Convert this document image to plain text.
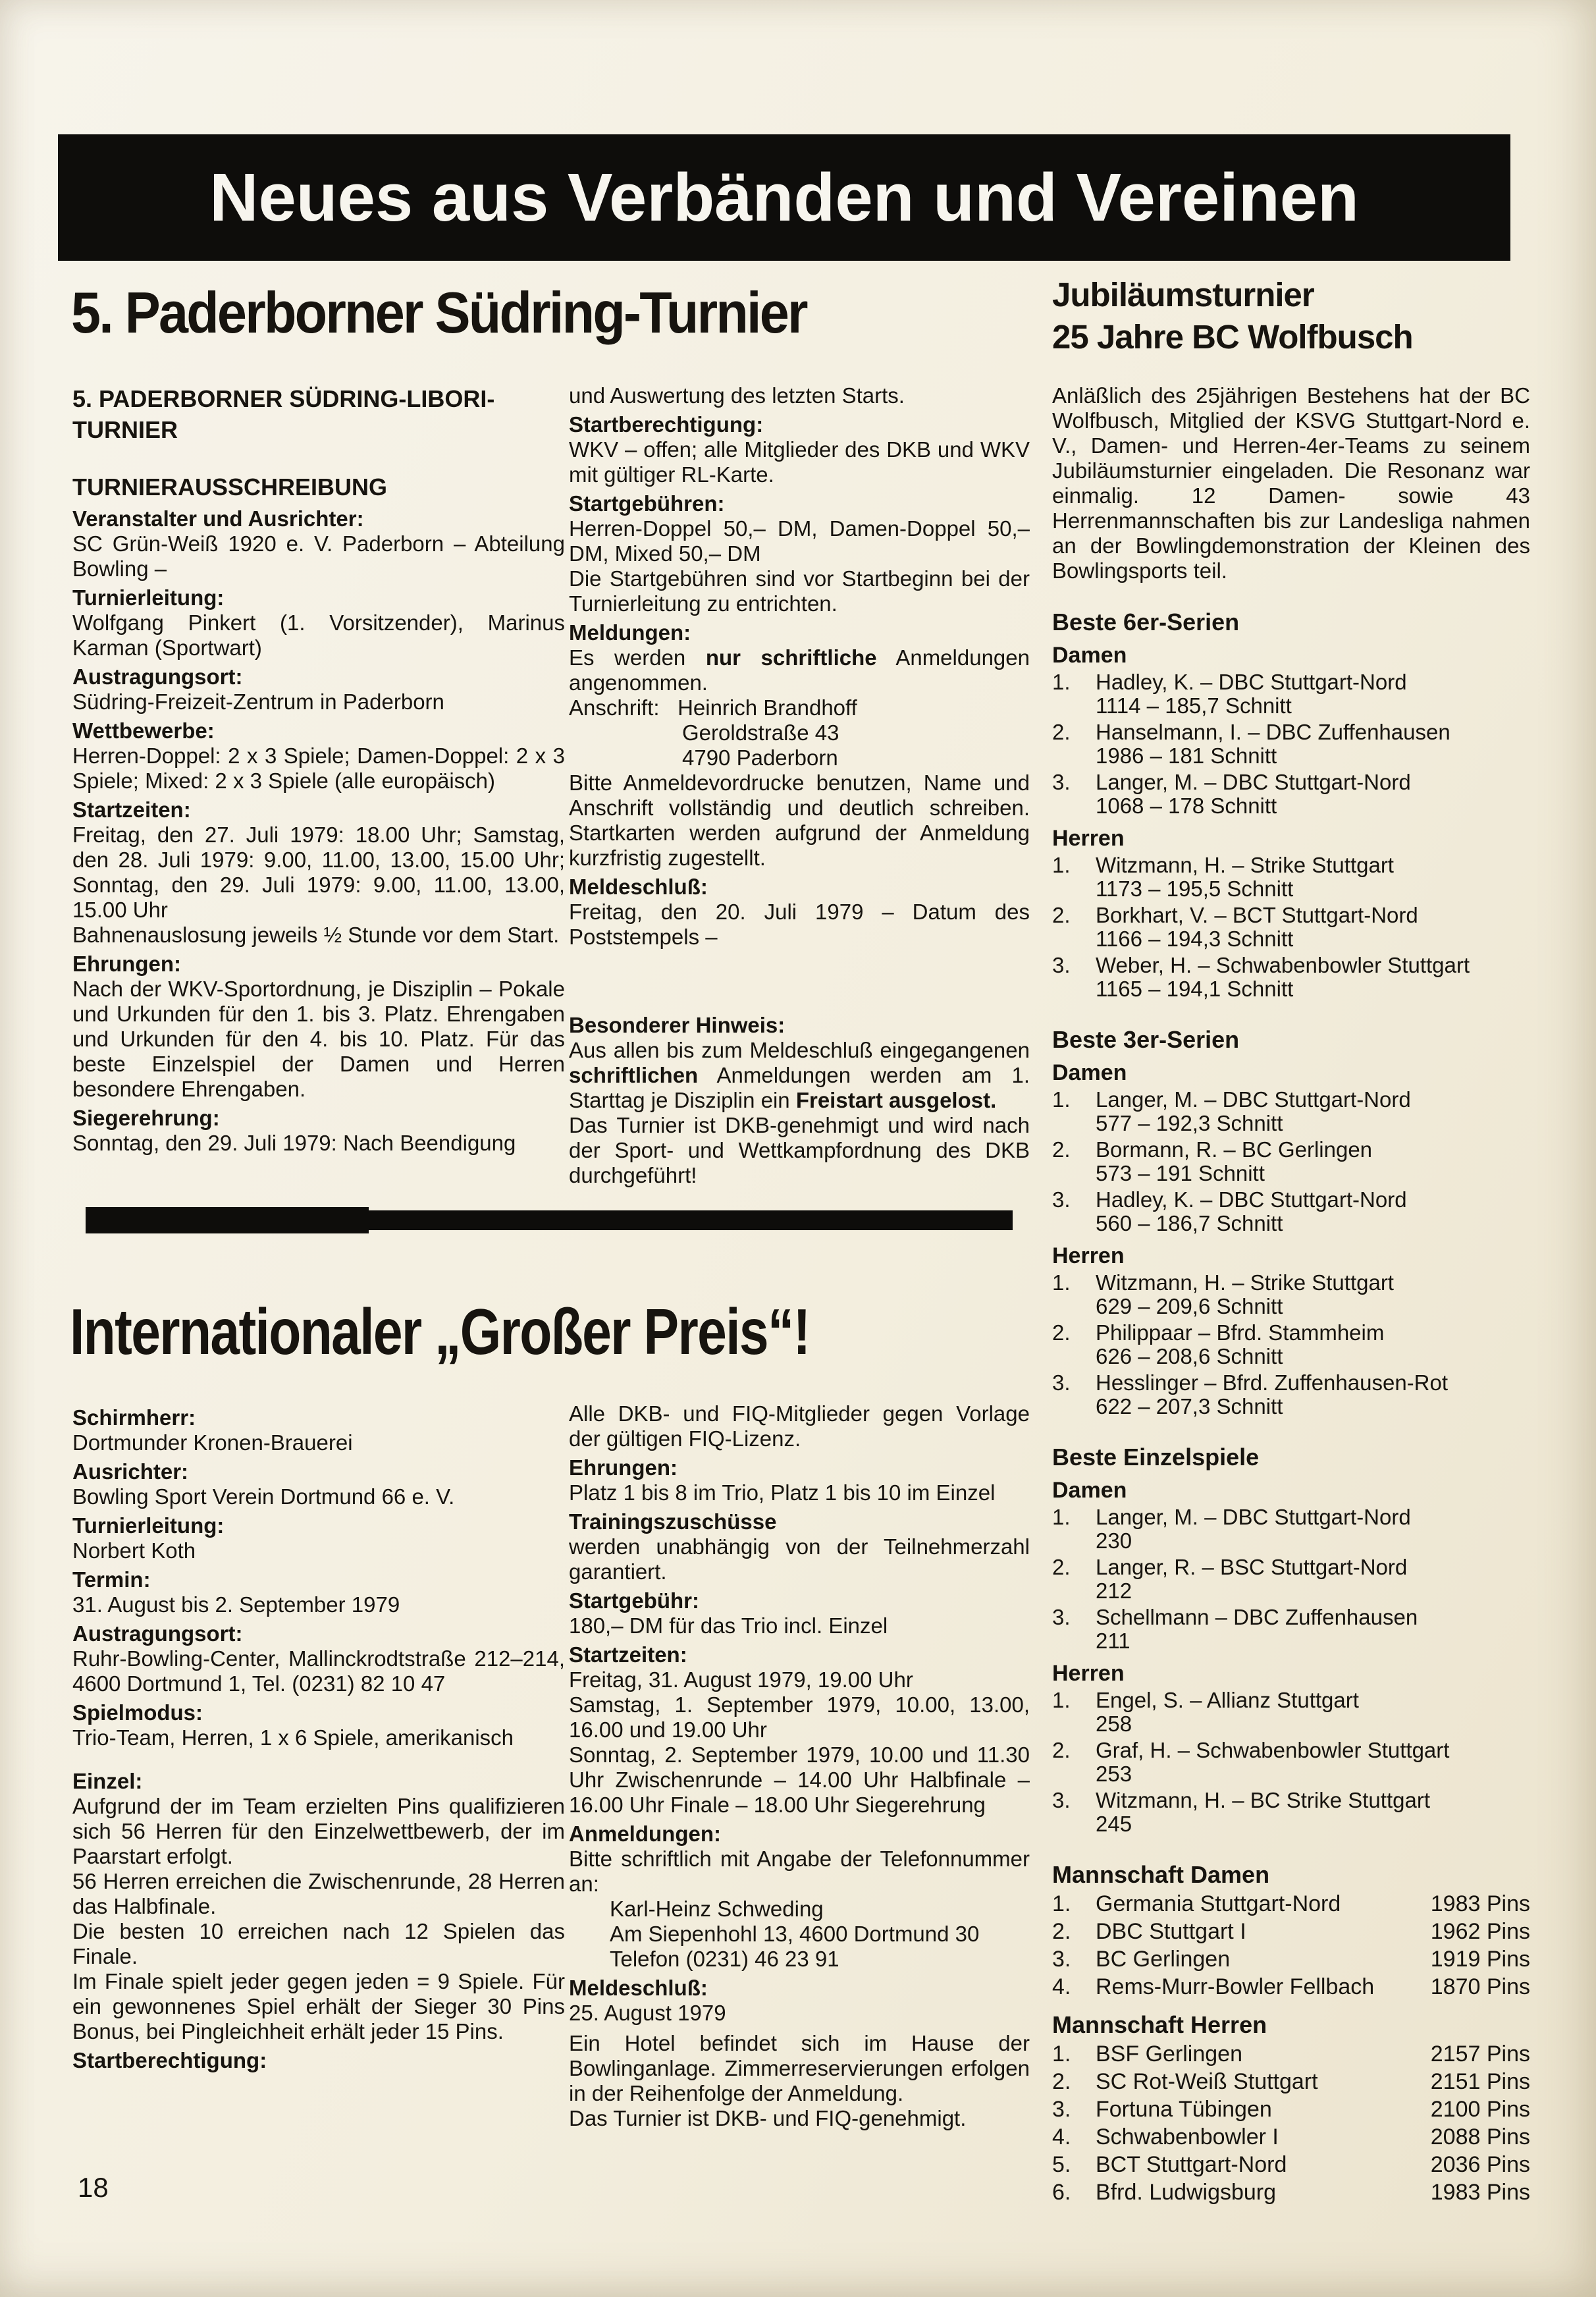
Neues aus Verbänden und Vereinen
5. Paderborner Südring-Turnier	Jubiläumsturnier
25 Jahre BC Wolfbusch
5. PADERBORNER SÜDRING-LIBORI-TURNIER
TURNIERAUSSCHREIBUNG

Veranstalter und Ausrichter:

SC Grün-Weiß 1920 e. V. Paderborn – Abteilung Bowling –

Turnierleitung:

Wolfgang Pinkert (1. Vorsitzender), Marinus Karman (Sportwart)

Austragungsort:

Südring-Freizeit-Zentrum in Paderborn

Wettbewerbe:

Herren-Doppel: 2 x 3 Spiele; Damen-Doppel: 2 x 3 Spiele; Mixed: 2 x 3 Spiele (alle europäisch)

Startzeiten:

Freitag, den 27. Juli 1979: 18.00 Uhr; Samstag, den 28. Juli 1979: 9.00, 11.00, 13.00, 15.00 Uhr; Sonntag, den 29. Juli 1979: 9.00, 11.00, 13.00, 15.00 Uhr

Bahnenauslosung jeweils ½ Stunde vor dem Start.

Ehrungen:

Nach der WKV-Sportordnung, je Disziplin – Pokale und Urkunden für den 1. bis 3. Platz. Ehrengaben und Urkunden für den 4. bis 10. Platz. Für das beste Einzelspiel der Damen und Herren besondere Ehrengaben.

Siegerehrung:

Sonntag, den 29. Juli 1979: Nach Beendigung

und Auswertung des letzten Starts.

Startberechtigung:

WKV – offen; alle Mitglieder des DKB und WKV mit gültiger RL-Karte.

Startgebühren:

Herren-Doppel 50,– DM, Damen-Doppel 50,– DM, Mixed 50,– DM

Die Startgebühren sind vor Startbeginn bei der Turnierleitung zu entrichten.

Meldungen:

Es werden nur schriftliche Anmeldungen angenommen.

Anschrift: Heinrich Brandhoff

Geroldstraße 43

4790 Paderborn

Bitte Anmeldevordrucke benutzen, Name und Anschrift vollständig und deutlich schreiben. Startkarten werden aufgrund der Anmeldung kurzfristig zugestellt.

Meldeschluß:

Freitag, den 20. Juli 1979 – Datum des Poststempels –

Besonderer Hinweis:

Aus allen bis zum Meldeschluß eingegangenen schriftlichen Anmeldungen werden am 1. Starttag je Disziplin ein Freistart ausgelost.

Das Turnier ist DKB-genehmigt und wird nach der Sport- und Wettkampfordnung des DKB durchgeführt!

Anläßlich des 25jährigen Bestehens hat der BC Wolfbusch, Mitglied der KSVG Stuttgart-Nord e. V., Damen- und Herren-4er-Teams zu seinem Jubiläumsturnier eingeladen. Die Resonanz war einmalig. 12 Damen- sowie 43 Herrenmannschaften bis zur Landesliga nahmen an der Bowlingdemonstration der Kleinen des Bowlingsports teil.

Beste 6er-Serien
Damen
1.	Hadley, K. – DBC Stuttgart-Nord
1114 – 185,7 Schnitt
2.	Hanselmann, I. – DBC Zuffenhausen
1986 – 181 Schnitt
3.	Langer, M. – DBC Stuttgart-Nord
1068 – 178 Schnitt
Herren
1.	Witzmann, H. – Strike Stuttgart
1173 – 195,5 Schnitt
2.	Borkhart, V. – BCT Stuttgart-Nord
1166 – 194,3 Schnitt
3.	Weber, H. – Schwabenbowler Stuttgart
1165 – 194,1 Schnitt
Beste 3er-Serien
Damen
1.	Langer, M. – DBC Stuttgart-Nord
577 – 192,3 Schnitt
2.	Bormann, R. – BC Gerlingen
573 – 191 Schnitt
3.	Hadley, K. – DBC Stuttgart-Nord
560 – 186,7 Schnitt
Herren
1.	Witzmann, H. – Strike Stuttgart
629 – 209,6 Schnitt
2.	Philippaar – Bfrd. Stammheim
626 – 208,6 Schnitt
3.	Hesslinger – Bfrd. Zuffenhausen-Rot
622 – 207,3 Schnitt
Beste Einzelspiele
Damen
1.	Langer, M. – DBC Stuttgart-Nord
230
2.	Langer, R. – BSC Stuttgart-Nord
212
3.	Schellmann – DBC Zuffenhausen
211
Herren
1.	Engel, S. – Allianz Stuttgart
258
2.	Graf, H. – Schwabenbowler Stuttgart
253
3.	Witzmann, H. – BC Strike Stuttgart
245
Mannschaft Damen
1.	Germania Stuttgart-Nord	1983 Pins
2.	DBC Stuttgart I	1962 Pins
3.	BC Gerlingen	1919 Pins
4.	Rems-Murr-Bowler Fellbach	1870 Pins
Mannschaft Herren
1.	BSF Gerlingen	2157 Pins
2.	SC Rot-Weiß Stuttgart	2151 Pins
3.	Fortuna Tübingen	2100 Pins
4.	Schwabenbowler I	2088 Pins
5.	BCT Stuttgart-Nord	2036 Pins
6.	Bfrd. Ludwigsburg	1983 Pins
Internationaler „Großer Preis“!

Schirmherr:

Dortmunder Kronen-Brauerei

Ausrichter:

Bowling Sport Verein Dortmund 66 e. V.

Turnierleitung:

Norbert Koth

Termin:

31. August bis 2. September 1979

Austragungsort:

Ruhr-Bowling-Center, Mallinckrodtstraße 212–214, 4600 Dortmund 1, Tel. (0231) 82 10 47

Spielmodus:

Trio-Team, Herren, 1 x 6 Spiele, amerikanisch

Einzel:

Aufgrund der im Team erzielten Pins qualifizieren sich 56 Herren für den Einzelwettbewerb, der im Paarstart erfolgt.

56 Herren erreichen die Zwischenrunde, 28 Herren das Halbfinale.

Die besten 10 erreichen nach 12 Spielen das Finale.

Im Finale spielt jeder gegen jeden = 9 Spiele. Für ein gewonnenes Spiel erhält der Sieger 30 Pins Bonus, bei Pingleichheit erhält jeder 15 Pins.

Startberechtigung:

Alle DKB- und FIQ-Mitglieder gegen Vorlage der gültigen FIQ-Lizenz.

Ehrungen:

Platz 1 bis 8 im Trio, Platz 1 bis 10 im Einzel

Trainingszuschüsse

werden unabhängig von der Teilnehmerzahl garantiert.

Startgebühr:

180,– DM für das Trio incl. Einzel

Startzeiten:

Freitag, 31. August 1979, 19.00 Uhr

Samstag, 1. September 1979, 10.00, 13.00, 16.00 und 19.00 Uhr

Sonntag, 2. September 1979, 10.00 und 11.30 Uhr Zwischenrunde – 14.00 Uhr Halbfinale – 16.00 Uhr Finale – 18.00 Uhr Siegerehrung

Anmeldungen:

Bitte schriftlich mit Angabe der Telefonnummer an:

Karl-Heinz Schweding

Am Siepenhohl 13, 4600 Dortmund 30

Telefon (0231) 46 23 91

Meldeschluß:

25. August 1979

Ein Hotel befindet sich im Hause der Bowlinganlage. Zimmerreservierungen erfolgen in der Reihenfolge der Anmeldung.

Das Turnier ist DKB- und FIQ-genehmigt.

18
